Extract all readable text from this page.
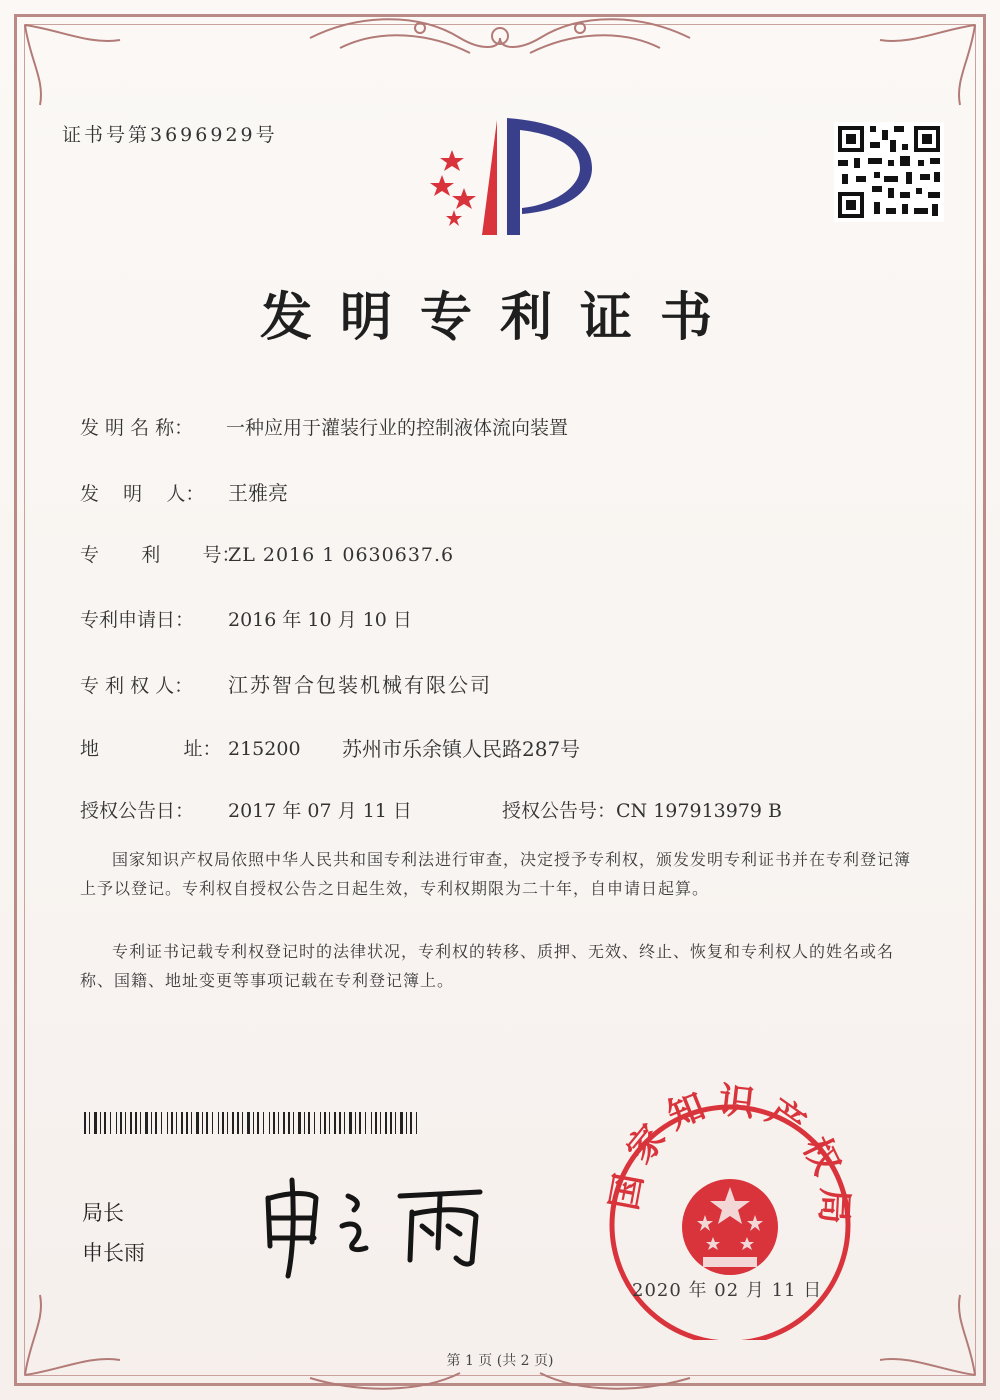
证书号第3696929号
发明专利证书
发 明 名 称： 一种应用于灌装行业的控制液体流向装置
发    明    人： 王雅亮
专       利       号：ZL 2016 1 0630637.6
专利申请日： 2016 年 10 月 10 日
专 利 权 人： 江苏智合包装机械有限公司
地              址： 215200 苏州市乐余镇人民路287号
授权公告日： 2017 年 07 月 11 日	授权公告号：CN 197913979 B
国家知识产权局依照中华人民共和国专利法进行审查，决定授予专利权，颁发发明专利证书并在专利登记簿上予以登记。专利权自授权公告之日起生效，专利权期限为二十年，自申请日起算。
专利证书记载专利权登记时的法律状况，专利权的转移、质押、无效、终止、恢复和专利权人的姓名或名称、国籍、地址变更等事项记载在专利登记簿上。
局长
申长雨
国家知识产权局
2020 年 02 月 11 日
第 1 页 (共 2 页)
